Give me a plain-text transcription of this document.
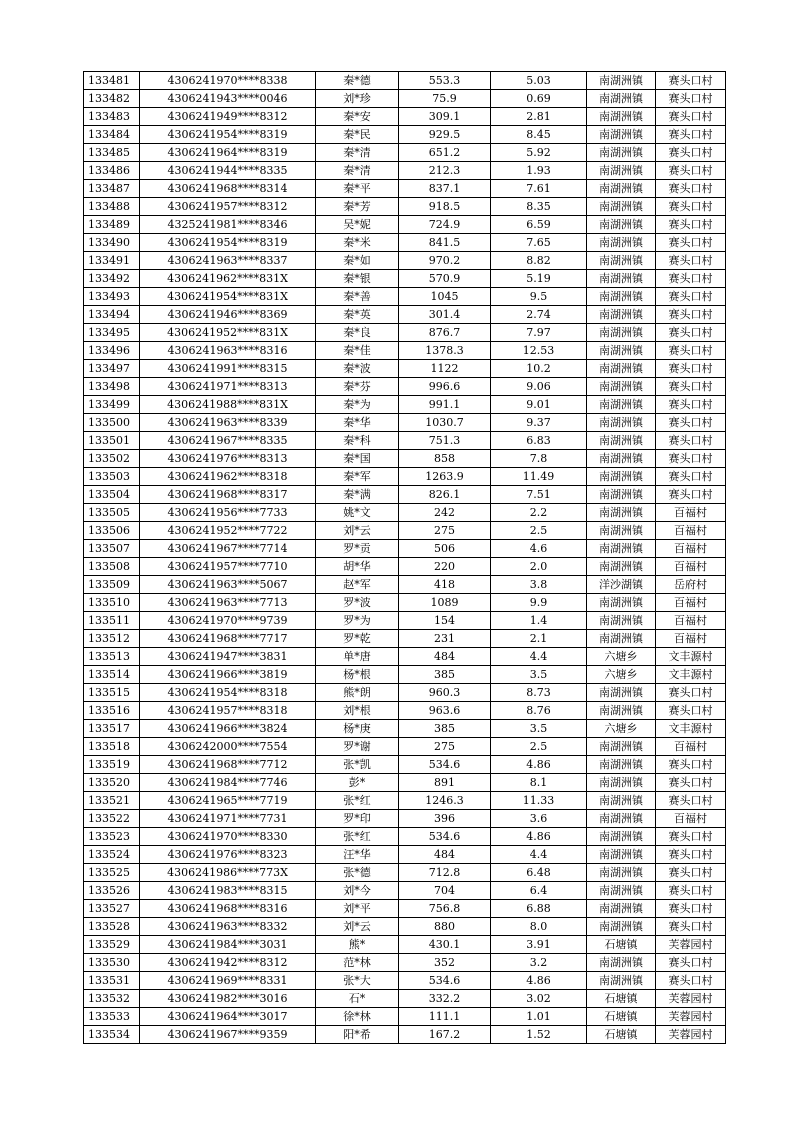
133481	4306241970****8338	秦*德	553.3	5.03	南湖洲镇	赛头口村
133482	4306241943****0046	刘*珍	75.9	0.69	南湖洲镇	赛头口村
133483	4306241949****8312	秦*安	309.1	2.81	南湖洲镇	赛头口村
133484	4306241954****8319	秦*民	929.5	8.45	南湖洲镇	赛头口村
133485	4306241964****8319	秦*清	651.2	5.92	南湖洲镇	赛头口村
133486	4306241944****8335	秦*清	212.3	1.93	南湖洲镇	赛头口村
133487	4306241968****8314	秦*平	837.1	7.61	南湖洲镇	赛头口村
133488	4306241957****8312	秦*芳	918.5	8.35	南湖洲镇	赛头口村
133489	4325241981****8346	吴*妮	724.9	6.59	南湖洲镇	赛头口村
133490	4306241954****8319	秦*米	841.5	7.65	南湖洲镇	赛头口村
133491	4306241963****8337	秦*如	970.2	8.82	南湖洲镇	赛头口村
133492	4306241962****831X	秦*银	570.9	5.19	南湖洲镇	赛头口村
133493	4306241954****831X	秦*善	1045	9.5	南湖洲镇	赛头口村
133494	4306241946****8369	秦*英	301.4	2.74	南湖洲镇	赛头口村
133495	4306241952****831X	秦*良	876.7	7.97	南湖洲镇	赛头口村
133496	4306241963****8316	秦*佳	1378.3	12.53	南湖洲镇	赛头口村
133497	4306241991****8315	秦*波	1122	10.2	南湖洲镇	赛头口村
133498	4306241971****8313	秦*芬	996.6	9.06	南湖洲镇	赛头口村
133499	4306241988****831X	秦*为	991.1	9.01	南湖洲镇	赛头口村
133500	4306241963****8339	秦*华	1030.7	9.37	南湖洲镇	赛头口村
133501	4306241967****8335	秦*科	751.3	6.83	南湖洲镇	赛头口村
133502	4306241976****8313	秦*国	858	7.8	南湖洲镇	赛头口村
133503	4306241962****8318	秦*军	1263.9	11.49	南湖洲镇	赛头口村
133504	4306241968****8317	秦*满	826.1	7.51	南湖洲镇	赛头口村
133505	4306241956****7733	姚*文	242	2.2	南湖洲镇	百福村
133506	4306241952****7722	刘*云	275	2.5	南湖洲镇	百福村
133507	4306241967****7714	罗*贡	506	4.6	南湖洲镇	百福村
133508	4306241957****7710	胡*华	220	2.0	南湖洲镇	百福村
133509	4306241963****5067	赵*军	418	3.8	洋沙湖镇	岳府村
133510	4306241963****7713	罗*波	1089	9.9	南湖洲镇	百福村
133511	4306241970****9739	罗*为	154	1.4	南湖洲镇	百福村
133512	4306241968****7717	罗*乾	231	2.1	南湖洲镇	百福村
133513	4306241947****3831	单*唐	484	4.4	六塘乡	文丰源村
133514	4306241966****3819	杨*根	385	3.5	六塘乡	文丰源村
133515	4306241954****8318	熊*朗	960.3	8.73	南湖洲镇	赛头口村
133516	4306241957****8318	刘*根	963.6	8.76	南湖洲镇	赛头口村
133517	4306241966****3824	杨*庚	385	3.5	六塘乡	文丰源村
133518	4306242000****7554	罗*谢	275	2.5	南湖洲镇	百福村
133519	4306241968****7712	张*凯	534.6	4.86	南湖洲镇	赛头口村
133520	4306241984****7746	彭*	891	8.1	南湖洲镇	赛头口村
133521	4306241965****7719	张*红	1246.3	11.33	南湖洲镇	赛头口村
133522	4306241971****7731	罗*印	396	3.6	南湖洲镇	百福村
133523	4306241970****8330	张*红	534.6	4.86	南湖洲镇	赛头口村
133524	4306241976****8323	汪*华	484	4.4	南湖洲镇	赛头口村
133525	4306241986****773X	张*德	712.8	6.48	南湖洲镇	赛头口村
133526	4306241983****8315	刘*今	704	6.4	南湖洲镇	赛头口村
133527	4306241968****8316	刘*平	756.8	6.88	南湖洲镇	赛头口村
133528	4306241963****8332	刘*云	880	8.0	南湖洲镇	赛头口村
133529	4306241984****3031	熊*	430.1	3.91	石塘镇	芙蓉园村
133530	4306241942****8312	范*林	352	3.2	南湖洲镇	赛头口村
133531	4306241969****8331	张*大	534.6	4.86	南湖洲镇	赛头口村
133532	4306241982****3016	石*	332.2	3.02	石塘镇	芙蓉园村
133533	4306241964****3017	徐*林	111.1	1.01	石塘镇	芙蓉园村
133534	4306241967****9359	阳*希	167.2	1.52	石塘镇	芙蓉园村
